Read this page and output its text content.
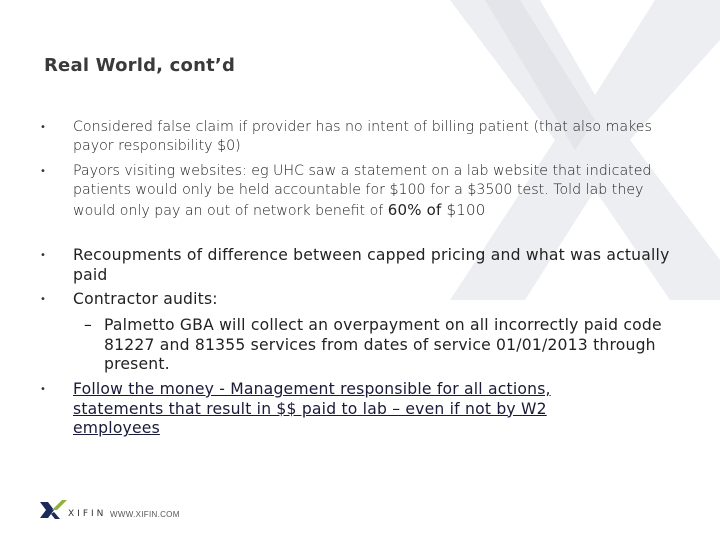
Real World, cont’d
• Considered false claim if provider has no intent of billing patient (that also makes payor responsibility $0)
• Payors visiting websites: eg UHC saw a statement on a lab website that indicated patients would only be held accountable for $100 for a $3500 test. Told lab they would only pay an out of network benefit of 60% of $100
• Recoupments of difference between capped pricing and what was actually paid
• Contractor audits:
– Palmetto GBA will collect an overpayment on all incorrectly paid code 81227 and 81355 services from dates of service 01/01/2013 through present.
• Follow the money - Management responsible for all actions, statements that result in $$ paid to lab – even if not by W2 employees
XIFIN WWW.XIFIN.COM
